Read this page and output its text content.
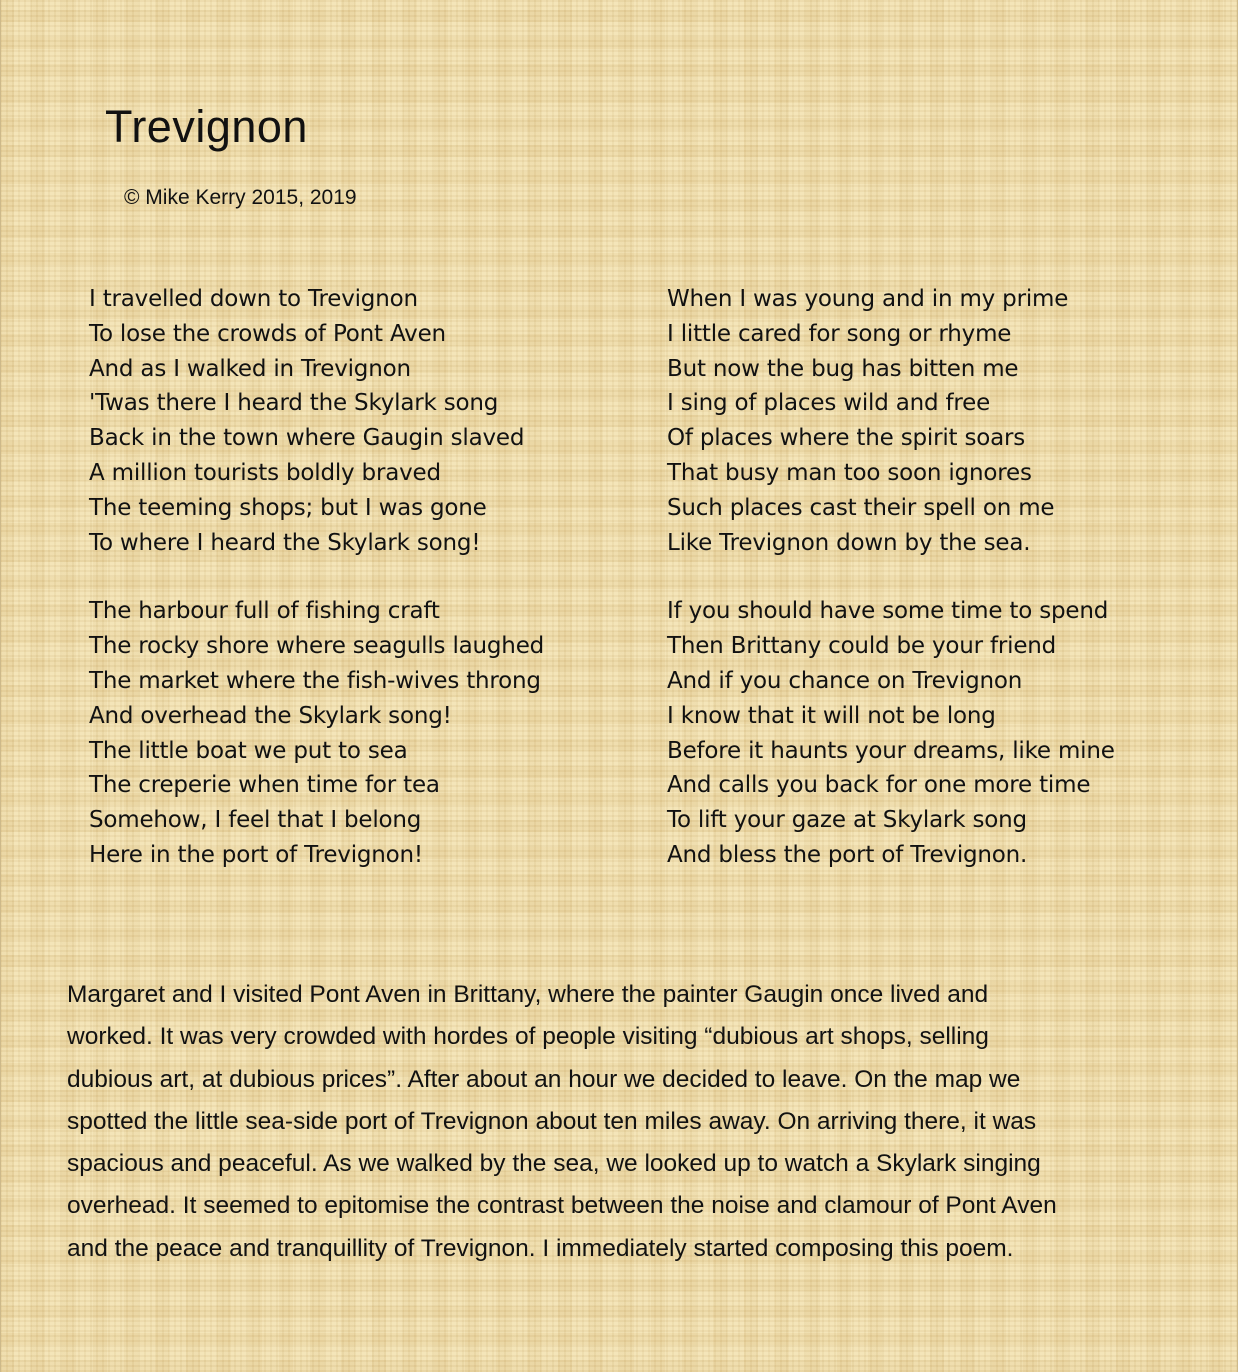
Trevignon
© Mike Kerry 2015, 2019
I travelled down to Trevignon
To lose the crowds of Pont Aven
And as I walked in Trevignon
'Twas there I heard the Skylark song
Back in the town where Gaugin slaved
A million tourists boldly braved
The teeming shops; but I was gone
To where I heard the Skylark song!
The harbour full of fishing craft
The rocky shore where seagulls laughed
The market where the fish-wives throng
And overhead the Skylark song!
The little boat we put to sea
The creperie when time for tea
Somehow, I feel that I belong
Here in the port of Trevignon!
When I was young and in my prime
I little cared for song or rhyme
But now the bug has bitten me
I sing of places wild and free
Of places where the spirit soars
That busy man too soon ignores
Such places cast their spell on me
Like Trevignon down by the sea.
If you should have some time to spend
Then Brittany could be your friend
And if you chance on Trevignon
I know that it will not be long
Before it haunts your dreams, like mine
And calls you back for one more time
To lift your gaze at Skylark song
And bless the port of Trevignon.

Margaret and I visited Pont Aven in Brittany, where the painter Gaugin once lived and
worked. It was very crowded with hordes of people visiting “dubious art shops, selling
dubious art, at dubious prices”. After about an hour we decided to leave. On the map we
spotted the little sea-side port of Trevignon about ten miles away. On arriving there, it was
spacious and peaceful. As we walked by the sea, we looked up to watch a Skylark singing
overhead. It seemed to epitomise the contrast between the noise and clamour of Pont Aven
and the peace and tranquillity of Trevignon. I immediately started composing this poem.
